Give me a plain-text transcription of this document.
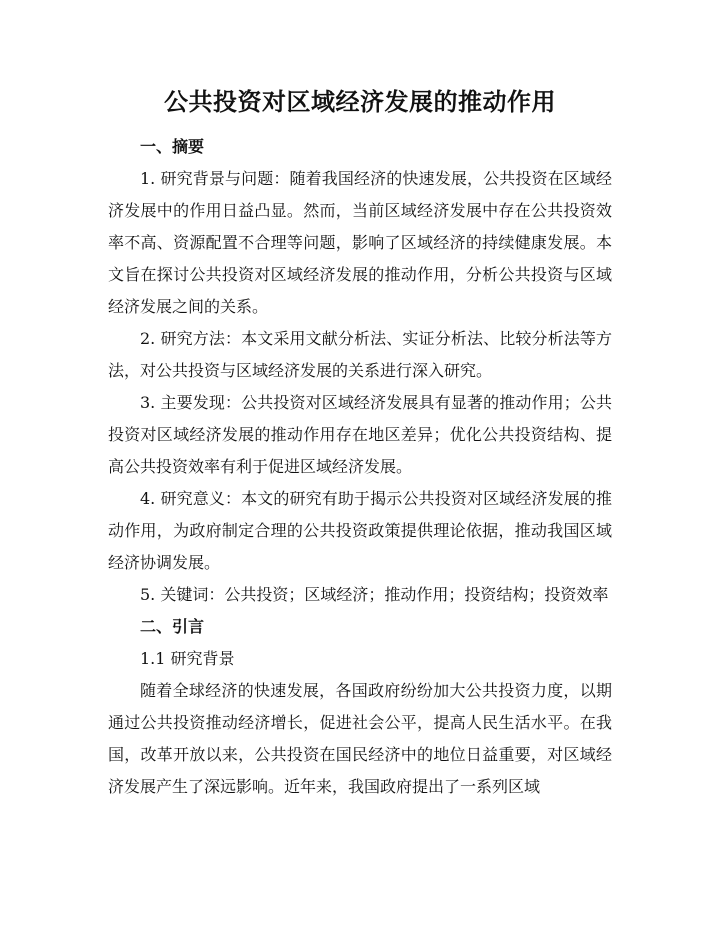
公共投资对区域经济发展的推动作用
一、摘要

1. 研究背景与问题：随着我国经济的快速发展，公共投资在区域经济发展中的作用日益凸显。然而，当前区域经济发展中存在公共投资效率不高、资源配置不合理等问题，影响了区域经济的持续健康发展。本文旨在探讨公共投资对区域经济发展的推动作用，分析公共投资与区域经济发展之间的关系。

2. 研究方法：本文采用文献分析法、实证分析法、比较分析法等方法，对公共投资与区域经济发展的关系进行深入研究。

3. 主要发现：公共投资对区域经济发展具有显著的推动作用；公共投资对区域经济发展的推动作用存在地区差异；优化公共投资结构、提高公共投资效率有利于促进区域经济发展。

4. 研究意义：本文的研究有助于揭示公共投资对区域经济发展的推动作用，为政府制定合理的公共投资政策提供理论依据，推动我国区域经济协调发展。

5. 关键词：公共投资；区域经济；推动作用；投资结构；投资效率

二、引言
1.1 研究背景

随着全球经济的快速发展，各国政府纷纷加大公共投资力度，以期通过公共投资推动经济增长，促进社会公平，提高人民生活水平。在我国，改革开放以来，公共投资在国民经济中的地位日益重要，对区域经济发展产生了深远影响。近年来，我国政府提出了一系列区域
